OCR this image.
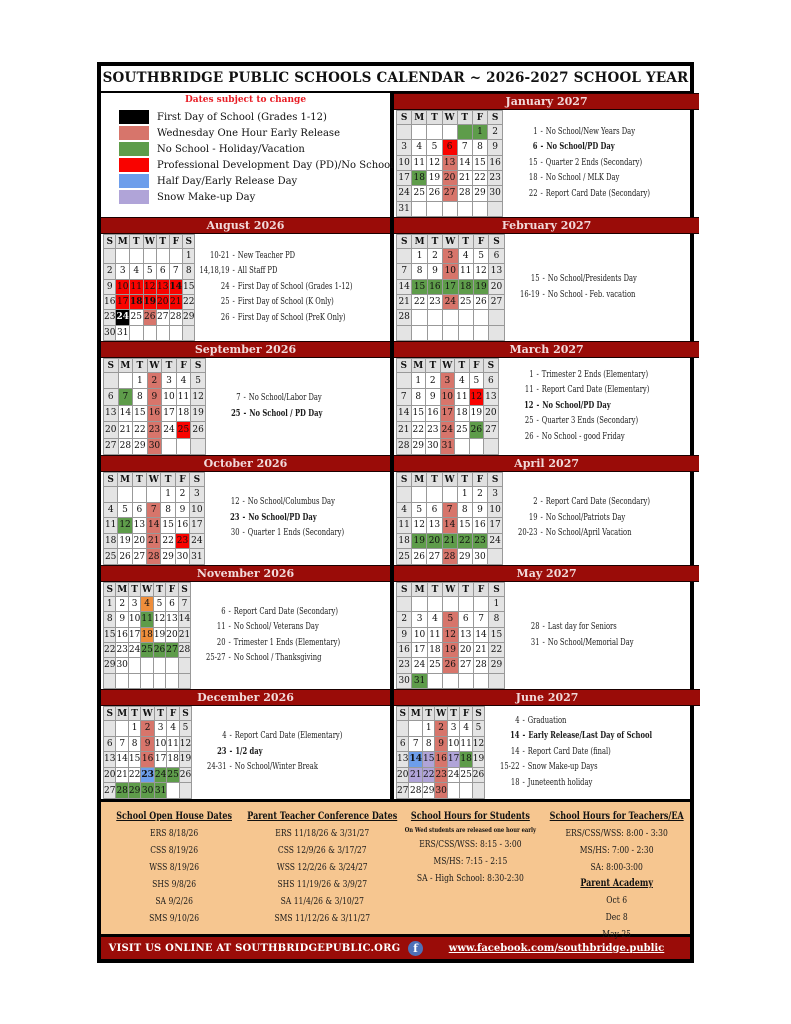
SOUTHBRIDGE PUBLIC SCHOOLS CALENDAR ~ 2026-2027 SCHOOL YEAR
Dates subject to change
First Day of School (Grades 1-12)
Wednesday One Hour Early Release
No School - Holiday/Vacation
Professional Development Day (PD)/No School
Half Day/Early Release Day
Snow Make-up Day
January 2027
S	M	T	W	T	F	S
					1	2
3	4	5	6	7	8	9
10	11	12	13	14	15	16
17	18	19	20	21	22	23
24	25	26	27	28	29	30
31						
1 - No School/New Years Day
6 - No School/PD Day
15 - Quarter 2 Ends (Secondary)
18 - No School / MLK Day
22 - Report Card Date (Secondary)
August 2026
S	M	T	W	T	F	S
						1
2	3	4	5	6	7	8
9	10	11	12	13	14	15
16	17	18	19	20	21	22
23	24	25	26	27	28	29
30	31					
10-21 - New Teacher PD
14,18,19 - All Staff PD
24 - First Day of School (Grades 1-12)
25 - First Day of School (K Only)
26 - First Day of School (PreK Only)
February 2027
S	M	T	W	T	F	S
	1	2	3	4	5	6
7	8	9	10	11	12	13
14	15	16	17	18	19	20
21	22	23	24	25	26	27
28						

15 - No School/Presidents Day
16-19 - No School - Feb. vacation
September 2026
S	M	T	W	T	F	S
		1	2	3	4	5
6	7	8	9	10	11	12
13	14	15	16	17	18	19
20	21	22	23	24	25	26
27	28	29	30			
7 - No School/Labor Day
25 - No School / PD Day
March 2027
S	M	T	W	T	F	S
	1	2	3	4	5	6
7	8	9	10	11	12	13
14	15	16	17	18	19	20
21	22	23	24	25	26	27
28	29	30	31			
1 - Trimester 2 Ends (Elementary)
11 - Report Card Date (Elementary)
12 - No School/PD Day
25 - Quarter 3 Ends (Secondary)
26 - No School - good Friday
October 2026
S	M	T	W	T	F	S
				1	2	3
4	5	6	7	8	9	10
11	12	13	14	15	16	17
18	19	20	21	22	23	24
25	26	27	28	29	30	31
12 - No School/Columbus Day
23 - No School/PD Day
30 - Quarter 1 Ends (Secondary)
April 2027
S	M	T	W	T	F	S
				1	2	3
4	5	6	7	8	9	10
11	12	13	14	15	16	17
18	19	20	21	22	23	24
25	26	27	28	29	30	
2 - Report Card Date (Secondary)
19 - No School/Patriots Day
20-23 - No School/April Vacation
November 2026
S	M	T	W	T	F	S
1	2	3	4	5	6	7
8	9	10	11	12	13	14
15	16	17	18	19	20	21
22	23	24	25	26	27	28
29	30					

6 - Report Card Date (Secondary)
11 - No School/ Veterans Day
20 - Trimester 1 Ends (Elementary)
25-27 - No School / Thanksgiving
May 2027
S	M	T	W	T	F	S
						1
2	3	4	5	6	7	8
9	10	11	12	13	14	15
16	17	18	19	20	21	22
23	24	25	26	27	28	29
30	31					
28 - Last day for Seniors
31 - No School/Memorial Day
December 2026
S	M	T	W	T	F	S
		1	2	3	4	5
6	7	8	9	10	11	12
13	14	15	16	17	18	19
20	21	22	23	24	25	26
27	28	29	30	31		
4 - Report Card Date (Elementary)
23 - 1/2 day
24-31 - No School/Winter Break
June 2027
S	M	T	W	T	F	S
		1	2	3	4	5
6	7	8	9	10	11	12
13	14	15	16	17	18	19
20	21	22	23	24	25	26
27	28	29	30			
4 - Graduation
14 - Early Release/Last Day of School
14 - Report Card Date (final)
15-22 - Snow Make-up Days
18 - Juneteenth holiday
School Open House Dates
ERS 8/18/26
CSS 8/19/26
WSS 8/19/26
SHS 9/8/26
SA 9/2/26
SMS 9/10/26
Parent Teacher Conference Dates
ERS 11/18/26 & 3/31/27
CSS 12/9/26 & 3/17/27
WSS 12/2/26 & 3/24/27
SHS 11/19/26 & 3/9/27
SA 11/4/26 & 3/10/27
SMS 11/12/26 & 3/11/27
School Hours for Students
On Wed students are released one hour early
ERS/CSS/WSS: 8:15 - 3:00
MS/HS: 7:15 - 2:15
SA - High School: 8:30-2:30
School Hours for Teachers/EA
ERS/CSS/WSS: 8:00 - 3:30
MS/HS: 7:00 - 2:30
SA: 8:00-3:00
Parent Academy
Oct 6
Dec 8
May 25
VISIT US ONLINE AT SOUTHBRIDGEPUBLIC.ORG	f	www.facebook.com/southbridge.public
